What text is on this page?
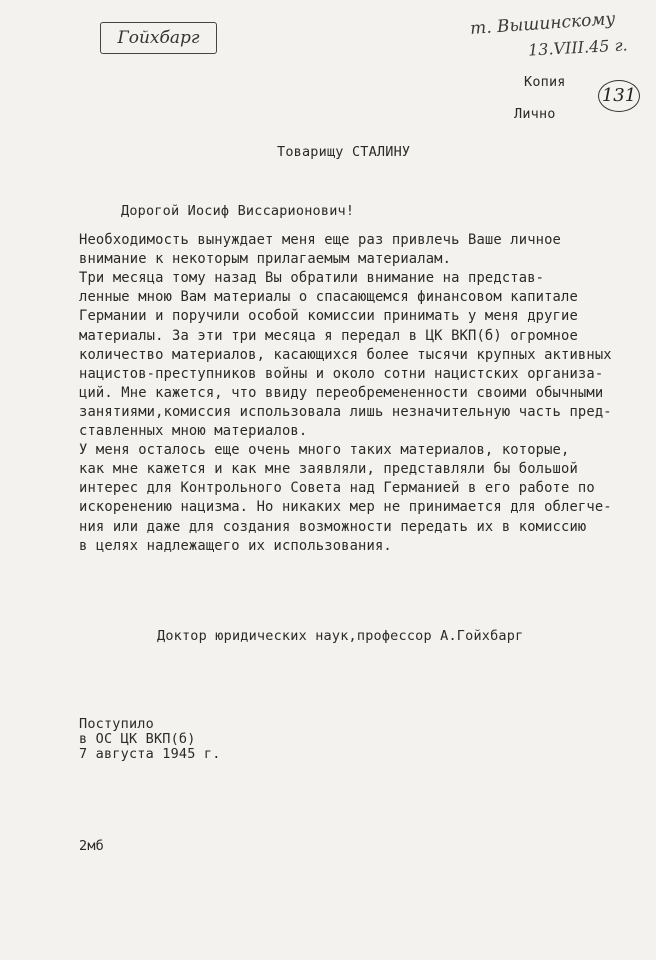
Гойхбарг	т. Вышинскому
13.VIII.45 г.
Копия
Лично
131
Товарищу СТАЛИНУ
Дорогой Иосиф Виссарионович!
Необходимость вынуждает меня еще раз привлечь Ваше личное
внимание к некоторым прилагаемым материалам.
Три месяца тому назад Вы обратили внимание на представ-
ленные мною Вам материалы о спасающемся финансовом капитале
Германии и поручили особой комиссии принимать у меня другие
материалы. За эти три месяца я передал в ЦК ВКП(б) огромное
количество материалов, касающихся более тысячи крупных активных
нацистов-преступников войны и около сотни нацистских организа-
ций. Мне кажется, что ввиду переобремененности своими обычными
занятиями,комиссия использовала лишь незначительную часть пред-
ставленных мною материалов.
У меня осталось еще очень много таких материалов, которые,
как мне кажется и как мне заявляли, представляли бы большой
интерес для Контрольного Совета над Германией в его работе по
искоренению нацизма. Но никаких мер не принимается для облегче-
ния или даже для создания возможности передать их в комиссию
в целях надлежащего их использования.
Доктор юридических наук,профессор А.Гойхбарг
Поступило
в ОС ЦК ВКП(б)
7 августа 1945 г.
2мб
